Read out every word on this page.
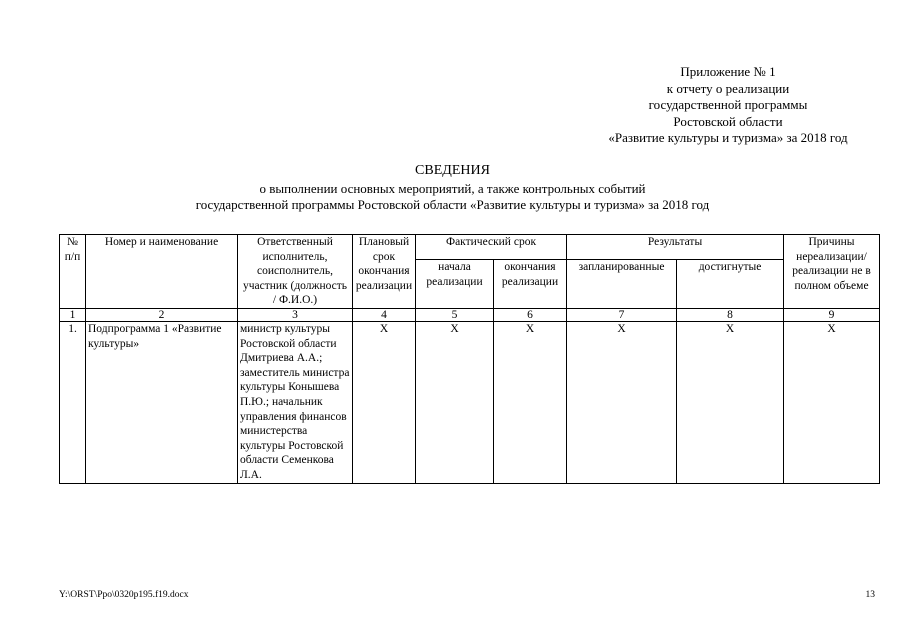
Приложение № 1
к отчету о реализации
государственной программы
Ростовской области
«Развитие культуры и туризма» за 2018 год
СВЕДЕНИЯ
о выполнении основных мероприятий, а также контрольных событий
государственной программы Ростовской области «Развитие культуры и туризма» за 2018 год
№ п/п	Номер и наименование	Ответственный исполнитель, соисполнитель, участник (должность / Ф.И.О.)	Плановый срок окончания реализации	Фактический срок		Результаты		Причины нереализации/ реализации не в полном объеме
				начала реализации	окончания реализации	запланированные	достигнутые	
1	2	3	4	5	6	7	8	9
1.	Подпрограмма 1 «Развитие культуры»	министр культуры Ростовской области Дмитриева А.А.; заместитель министра культуры Конышева П.Ю.; начальник управления финансов министерства культуры Ростовской области Семенкова Л.А.	Х	Х	Х	Х	Х	Х
Y:\ORST\Ppo\0320p195.f19.docx	13
